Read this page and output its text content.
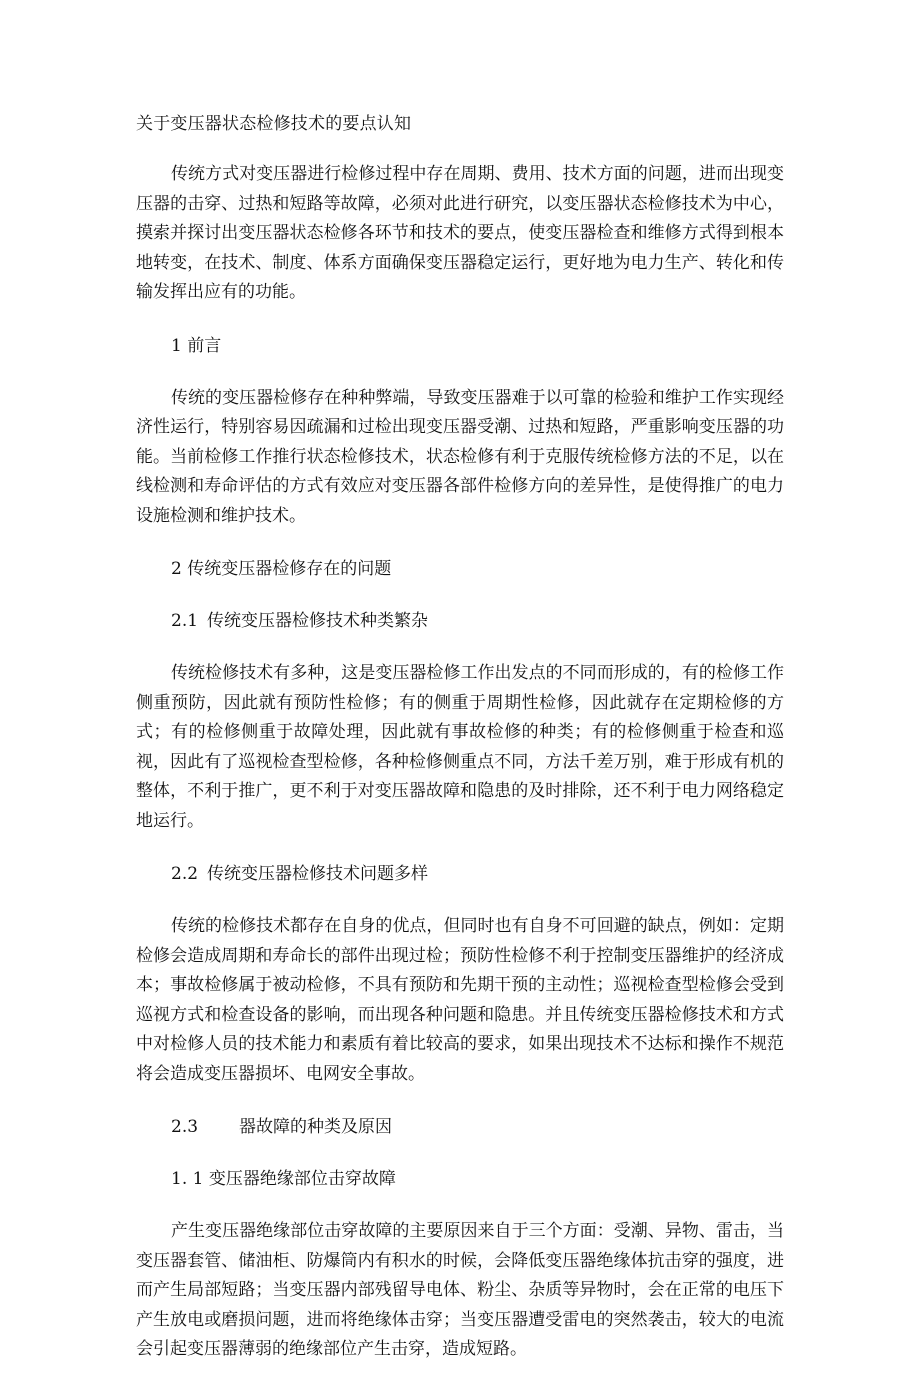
关于变压器状态检修技术的要点认知

传统方式对变压器进行检修过程中存在周期、费用、技术方面的问题，进而出现变压器的击穿、过热和短路等故障，必须对此进行研究，以变压器状态检修技术为中心，摸索并探讨出变压器状态检修各环节和技术的要点，使变压器检查和维修方式得到根本地转变，在技术、制度、体系方面确保变压器稳定运行，更好地为电力生产、转化和传输发挥出应有的功能。

1 前言

传统的变压器检修存在种种弊端，导致变压器难于以可靠的检验和维护工作实现经济性运行，特别容易因疏漏和过检出现变压器受潮、过热和短路，严重影响变压器的功能。当前检修工作推行状态检修技术，状态检修有利于克服传统检修方法的不足，以在线检测和寿命评估的方式有效应对变压器各部件检修方向的差异性，是使得推广的电力设施检测和维护技术。

2 传统变压器检修存在的问题
2.1 传统变压器检修技术种类繁杂

传统检修技术有多种，这是变压器检修工作出发点的不同而形成的，有的检修工作侧重预防，因此就有预防性检修；有的侧重于周期性检修，因此就存在定期检修的方式；有的检修侧重于故障处理，因此就有事故检修的种类；有的检修侧重于检查和巡视，因此有了巡视检查型检修，各种检修侧重点不同，方法千差万别，难于形成有机的整体，不利于推广，更不利于对变压器故障和隐患的及时排除，还不利于电力网络稳定地运行。

2.2 传统变压器检修技术问题多样

传统的检修技术都存在自身的优点，但同时也有自身不可回避的缺点，例如：定期检修会造成周期和寿命长的部件出现过检；预防性检修不利于控制变压器维护的经济成本；事故检修属于被动检修，不具有预防和先期干预的主动性；巡视检查型检修会受到巡视方式和检查设备的影响，而出现各种问题和隐患。并且传统变压器检修技术和方式中对检修人员的技术能力和素质有着比较高的要求，如果出现技术不达标和操作不规范将会造成变压器损坏、电网安全事故。

2.3 器故障的种类及原因
1. 1 变压器绝缘部位击穿故障

产生变压器绝缘部位击穿故障的主要原因来自于三个方面：受潮、异物、雷击，当变压器套管、储油柜、防爆筒内有积水的时候，会降低变压器绝缘体抗击穿的强度，进而产生局部短路；当变压器内部残留导电体、粉尘、杂质等异物时，会在正常的电压下产生放电或磨损问题，进而将绝缘体击穿；当变压器遭受雷电的突然袭击，较大的电流会引起变压器薄弱的绝缘部位产生击穿，造成短路。
